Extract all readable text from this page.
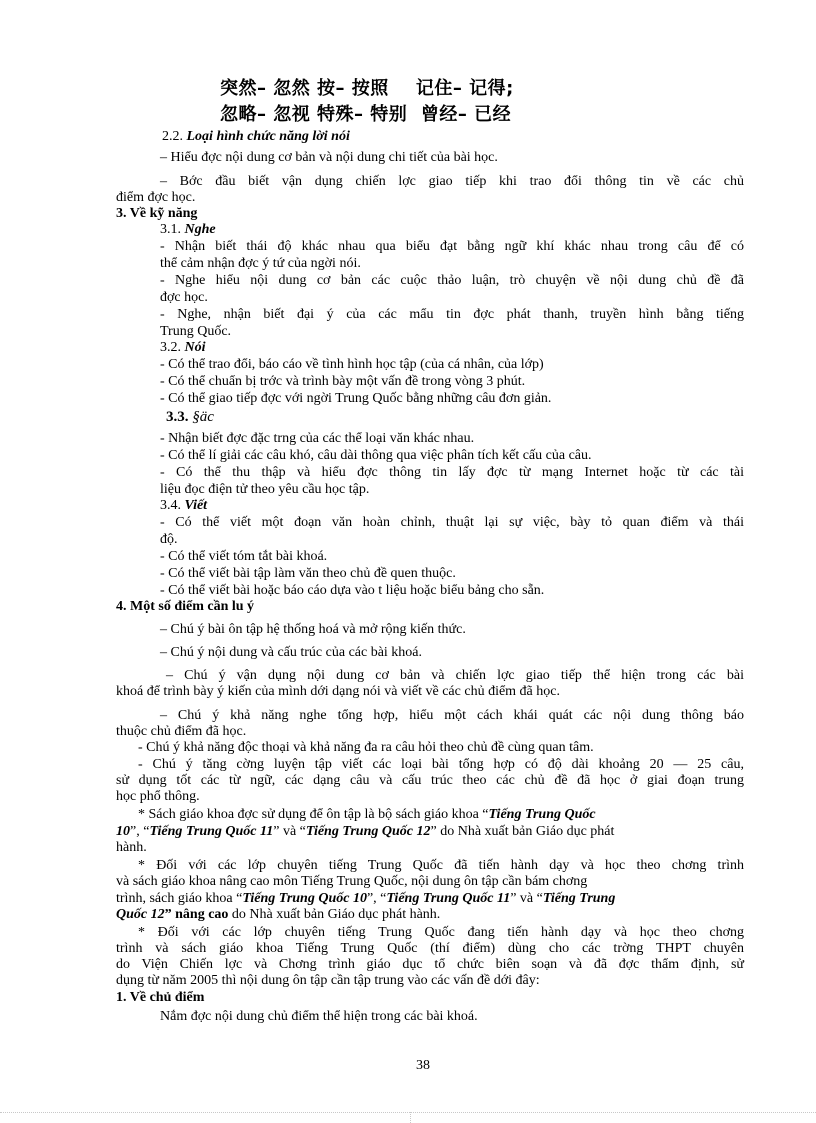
突然– 忽然 按– 按照    记住– 记得;
忽略– 忽视 特殊– 特别  曾经– 已经
2.2. Loại hình chức năng lời nói
– Hiểu đợc nội dung cơ bản và nội dung chi tiết của bài học.
– Bớc đầu biết vận dụng chiến lợc giao tiếp khi trao đổi thông tin về các chủ
điểm đợc học.
3. Về kỹ năng
3.1. Nghe
- Nhận biết thái độ khác nhau qua biểu đạt bằng ngữ khí khác nhau trong câu để có
thể cảm nhận đợc ý tứ của ngời nói.
- Nghe hiểu nội dung cơ bản các cuộc thảo luận, trò chuyện về nội dung chủ đề đã
đợc học.
- Nghe, nhận biết đại ý của các mẩu tin đợc phát thanh, truyền hình bằng tiếng
Trung Quốc.
3.2. Nói
- Có thể trao đổi, báo cáo về tình hình học tập (của cá nhân, của lớp)
- Có thể chuẩn bị trớc và trình bày một vấn đề trong vòng 3 phút.
- Có thể giao tiếp đợc với ngời Trung Quốc bằng những câu đơn giản.
3.3. §äc
- Nhận biết đợc đặc trng của các thể loại văn khác nhau.
- Có thể lí giải các câu khó, câu dài thông qua việc phân tích kết cấu của câu.
- Có thể thu thập và hiểu đợc thông tin lấy đợc từ mạng Internet hoặc từ các tài
liệu đọc điện tử theo yêu cầu học tập.
3.4. Viết
- Có thể viết một đoạn văn hoàn chỉnh, thuật lại sự việc, bày tỏ quan điểm và thái
độ.
- Có thể viết tóm tắt bài khoá.
- Có thể viết bài tập làm văn theo chủ đề quen thuộc.
- Có thể viết bài hoặc báo cáo dựa vào t liệu hoặc biểu bảng cho sẵn.
4. Một số điểm cần lu ý
– Chú ý bài ôn tập hệ thống hoá và mở rộng kiến thức.
– Chú ý nội dung và cấu trúc của các bài khoá.
– Chú ý vận dụng nội dung cơ bản và chiến lợc giao tiếp thể hiện trong các bài
khoá để trình bày ý kiến của mình dới dạng nói và viết về các chủ điểm đã học.
– Chú ý khả năng nghe tổng hợp, hiểu một cách khái quát các nội dung thông báo
thuộc chủ điểm đã học.
- Chú ý khả năng độc thoại và khả năng đa ra câu hỏi theo chủ đề cùng quan tâm.
- Chú ý tăng cờng luyện tập viết các loại bài tổng hợp có độ dài khoảng 20 — 25 câu,
sử dụng tốt các từ ngữ, các dạng câu và cấu trúc theo các chủ đề đã học ở giai đoạn trung
học phổ thông.
* Sách giáo khoa đợc sử dụng để ôn tập là bộ sách giáo khoa “Tiếng Trung Quốc
10”, “Tiếng Trung Quốc 11” và “Tiếng Trung Quốc 12” do Nhà xuất bản Giáo dục phát
hành.
* Đối với các lớp chuyên tiếng Trung Quốc đã tiến hành dạy và học theo chơng trình
và sách giáo khoa nâng cao môn Tiếng Trung Quốc, nội dung ôn tập cần bám chơng
trình, sách giáo khoa “Tiếng Trung Quốc 10”, “Tiếng Trung Quốc 11” và “Tiếng Trung
Quốc 12” nâng cao do Nhà xuất bản Giáo dục phát hành.
* Đối với các lớp chuyên tiếng Trung Quốc đang tiến hành dạy và học theo chơng
trình và sách giáo khoa Tiếng Trung Quốc (thí điểm) dùng cho các trờng THPT chuyên
do Viện Chiến lợc và Chơng trình giáo dục tổ chức biên soạn và đã đợc thẩm định, sử
dụng từ năm 2005 thì nội dung ôn tập cần tập trung vào các vấn đề dới đây:
1. Về chủ điểm
Nắm đợc nội dung chủ điểm thể hiện trong các bài khoá.
38
